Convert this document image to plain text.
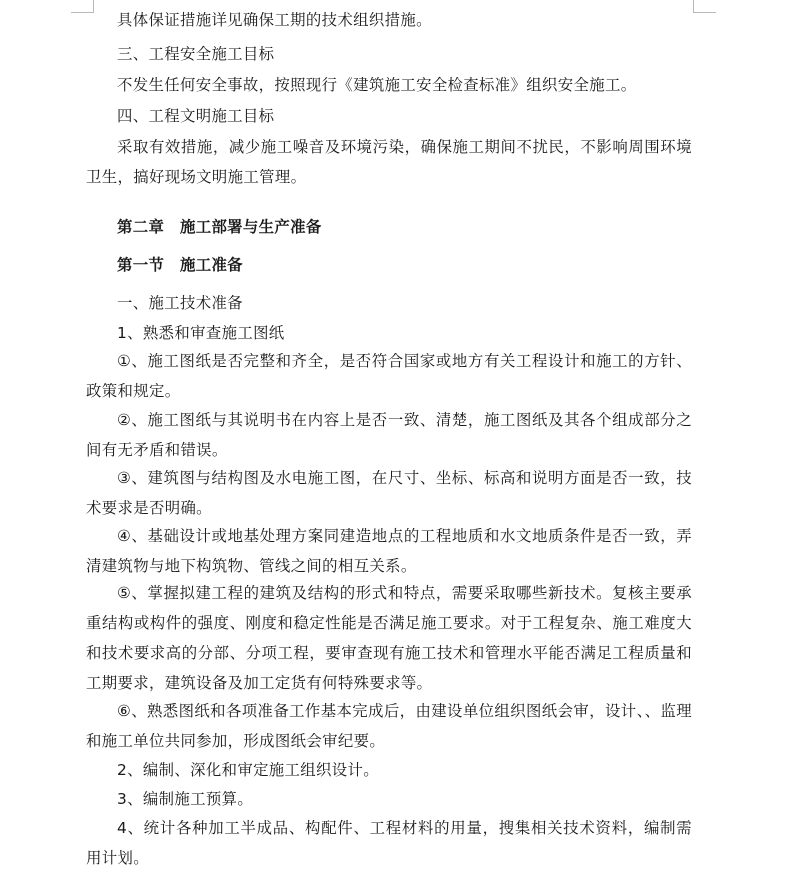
具体保证措施详见确保工期的技术组织措施。
三、工程安全施工目标
不发生任何安全事故，按照现行《建筑施工安全检查标准》组织安全施工。
四、工程文明施工目标
采取有效措施，减少施工噪音及环境污染，确保施工期间不扰民，不影响周围环境卫生，搞好现场文明施工管理。
第二章　施工部署与生产准备
第一节　施工准备
一、施工技术准备
1、熟悉和审查施工图纸
①、施工图纸是否完整和齐全，是否符合国家或地方有关工程设计和施工的方针、政策和规定。
②、施工图纸与其说明书在内容上是否一致、清楚，施工图纸及其各个组成部分之间有无矛盾和错误。
③、建筑图与结构图及水电施工图，在尺寸、坐标、标高和说明方面是否一致，技术要求是否明确。
④、基础设计或地基处理方案同建造地点的工程地质和水文地质条件是否一致，弄清建筑物与地下构筑物、管线之间的相互关系。
⑤、掌握拟建工程的建筑及结构的形式和特点，需要采取哪些新技术。复核主要承重结构或构件的强度、刚度和稳定性能是否满足施工要求。对于工程复杂、施工难度大和技术要求高的分部、分项工程，要审查现有施工技术和管理水平能否满足工程质量和工期要求，建筑设备及加工定货有何特殊要求等。
⑥、熟悉图纸和各项准备工作基本完成后，由建设单位组织图纸会审，设计、、监理和施工单位共同参加，形成图纸会审纪要。
2、编制、深化和审定施工组织设计。
3、编制施工预算。
4、统计各种加工半成品、构配件、工程材料的用量，搜集相关技术资料，编制需用计划。
